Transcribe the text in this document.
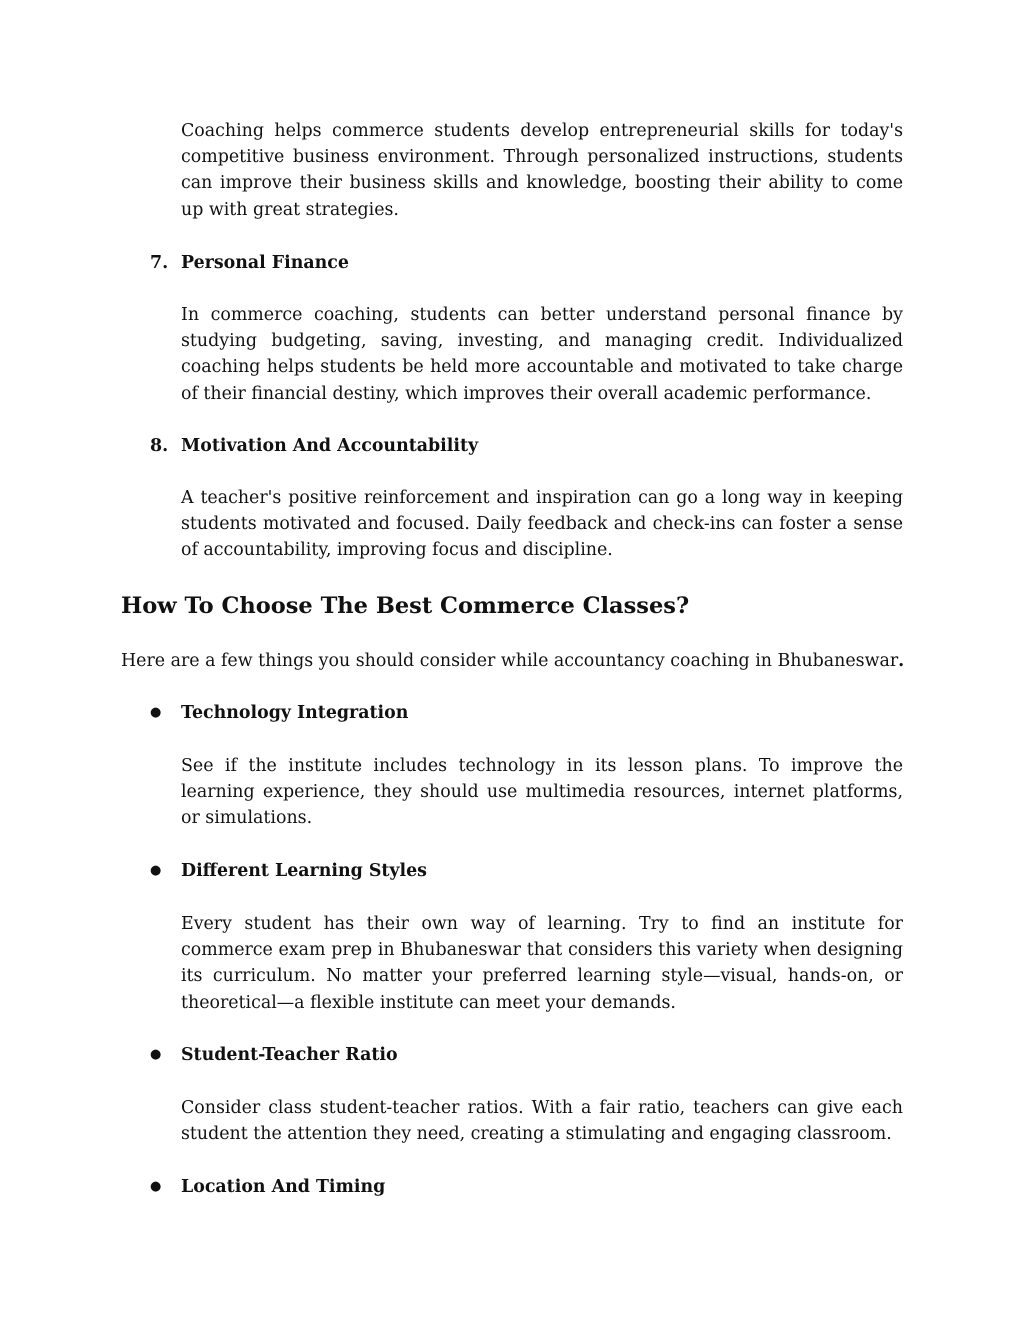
Coaching helps commerce students develop entrepreneurial skills for today's competitive business environment. Through personalized instructions, students can improve their business skills and knowledge, boosting their ability to come up with great strategies.

7. Personal Finance

In commerce coaching, students can better understand personal finance by studying budgeting, saving, investing, and managing credit. Individualized coaching helps students be held more accountable and motivated to take charge of their financial destiny, which improves their overall academic performance.

8. Motivation And Accountability

A teacher's positive reinforcement and inspiration can go a long way in keeping students motivated and focused. Daily feedback and check-ins can foster a sense of accountability, improving focus and discipline.

How To Choose The Best Commerce Classes?

Here are a few things you should consider while accountancy coaching in Bhubaneswar.

● Technology Integration

See if the institute includes technology in its lesson plans. To improve the learning experience, they should use multimedia resources, internet platforms, or simulations.

● Different Learning Styles

Every student has their own way of learning. Try to find an institute for commerce exam prep in Bhubaneswar that considers this variety when designing its curriculum. No matter your preferred learning style—visual, hands-on, or theoretical—a flexible institute can meet your demands.

● Student-Teacher Ratio

Consider class student-teacher ratios. With a fair ratio, teachers can give each student the attention they need, creating a stimulating and engaging classroom.

● Location And Timing
